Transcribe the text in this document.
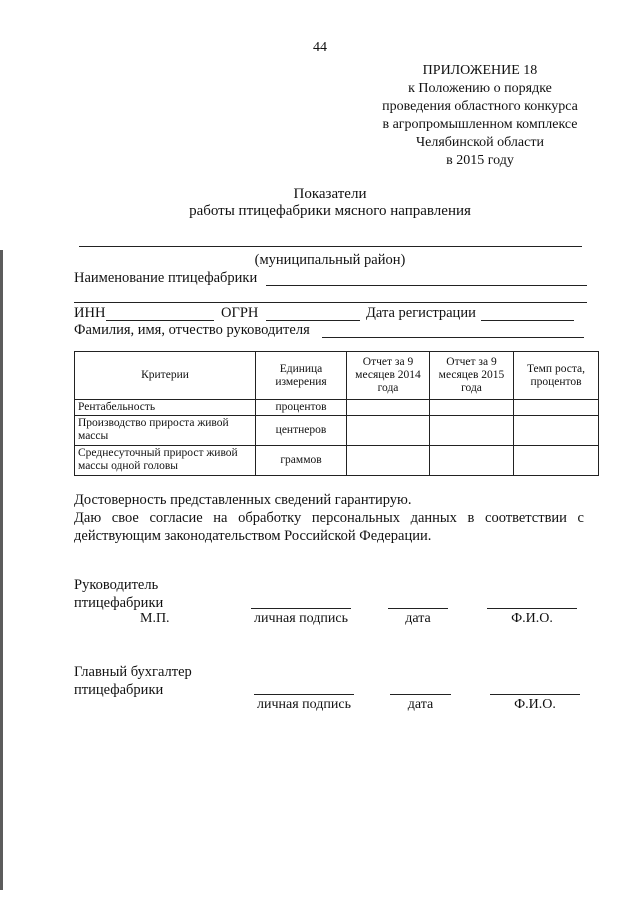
44
ПРИЛОЖЕНИЕ 18
к Положению о порядке
проведения областного конкурса
в агропромышленном комплексе
Челябинской области
в 2015 году
Показатели
работы птицефабрики мясного направления
(муниципальный район)
Наименование птицефабрики
ИНН	ОГРН	Дата регистрации
Фамилия, имя, отчество руководителя
Критерии	Единица измерения	Отчет за 9 месяцев 2014 года	Отчет за 9 месяцев 2015 года	Темп роста, процентов
Рентабельность	процентов			
Производство прироста живой массы	центнеров			
Среднесуточный прирост живой массы одной головы	граммов			
Достоверность представленных сведений гарантирую.
Даю свое согласие на обработку персональных данных в соответствии с действующим законодательством Российской Федерации.
Руководитель
птицефабрики
М.П.	личная подпись	дата	Ф.И.О.
Главный бухгалтер
птицефабрики
личная подпись	дата	Ф.И.О.
